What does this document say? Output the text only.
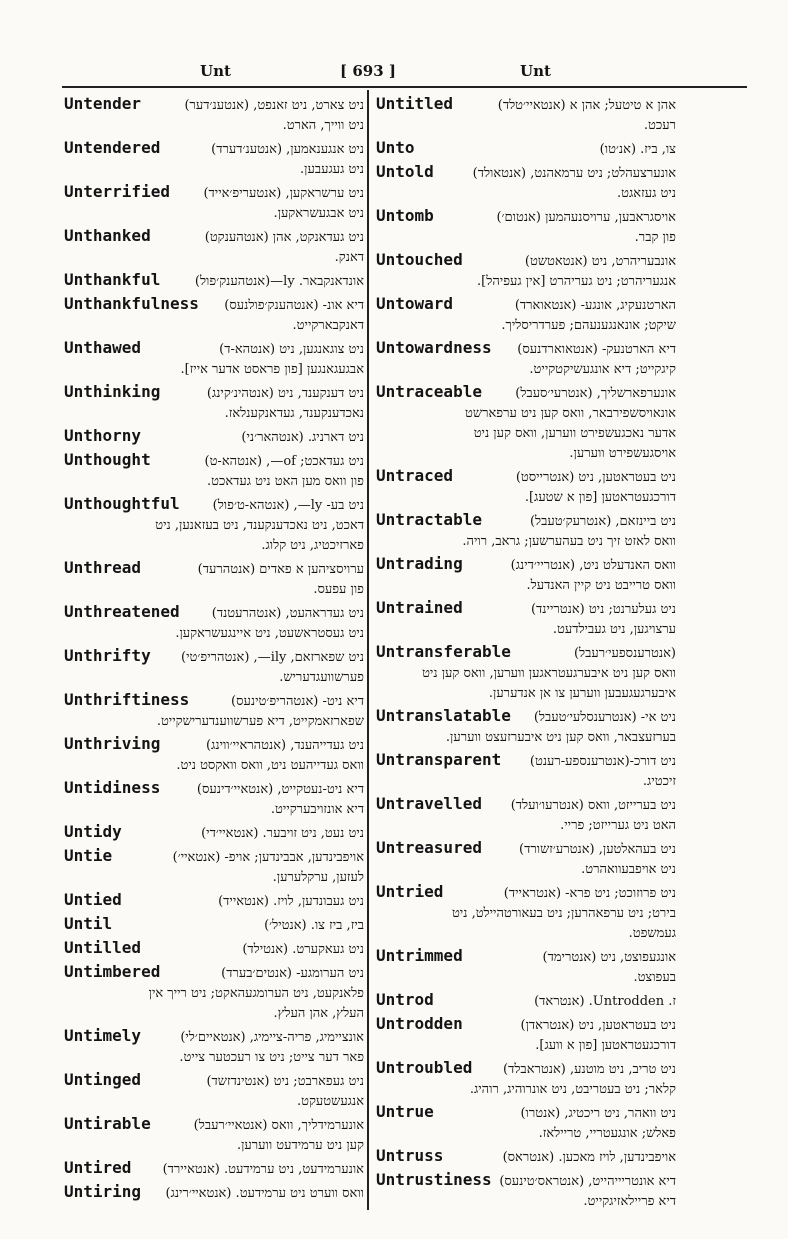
Unt	[ 693 ]	Unt
Untender	ניט צארט, ניט זאנפט, (אנטענ׳דער)
ניט ווייך, הארט.
Untendered	ניט אנגענאמען, (אנטענ׳דערד)
ניט געגעבען.
Unterrified	ניט ערשראקען, (אנטעריפ׳אייד)
ניט אבגעשראקען.
Unthanked	ניט געדאנקט, אהן (אנטהענקט)
דאנק.
Unthankful	אונדאנקבאר. ly—(אנטהענק׳פול)
Unthankfulness	דיא אונ- (אנטהענק׳פולנעס)
דאנקבארקייט.
Unthawed	ניט צוגאנגען, ניט (אנטהא-ד)
אבגעגאנגען [פון פראסט אדער אייז].
Unthinking	ניט דענקענד, ניט (אנטהינ׳קינג)
נאכדענקענד, געדאנקענלאז.
Unthorny	ניט דארניג. (אנטהאר׳ני)
Unthought	ניט געדאכט; of—, (אנטהא-ט)
פון וואס מען האט ניט געדאכט.
Unthoughtful	ניט בע- ly—, (אנטהא-ט׳פול)
דאכט, ניט נאכדענקענד, ניט בעזאנען, ניט
פארזיכטיג, ניט קלוג.
Unthread	ערויסציהען א פאדים (אנטהרעד)
פון עפעס.
Unthreatened	ניט געדראהעט, (אנטהרעטנד)
ניט געסטראשעט, ניט איינגעשראקען.
Unthrifty	ניט שפארזאם, ily—, (אנטהריפ׳טי)
פערשוועגדעריש.
Unthriftiness	דיא ניט- (אנטהריפ׳טינעס)
שפארזאמקייט, דיא פערשווענדערישקייט.
Unthriving	ניט געדייהענד, (אנטהראיי׳ווינג)
וואס געדייהעט ניט, וואס וואקסט ניט.
Untidiness	דיא ניט-נעטקייט, (אנטאיי׳דינעס)
דיא אונזויבערקייט.
Untidy	ניט נעט, ניט זויבער. (אנטאיי׳די)
Untie	אויפבינדען, אבבינדען; אויפ- (אנטאיי׳)
לעזען, ערקלערען.
Untied	ניט געבונדען, לויז. (אנטאייד)
Until	ביז, ביז צו. (אנטיל׳)
Untilled	ניט געאקערט. (אנטילד)
Untimbered	ניט הערומגע- (אנטים׳בערד)
פלאנקעט, ניט הערומגעהאקט; ניט רייך אין
העלץ, אהן העלץ.
Untimely	אונציימיג, פריה-ציימיג, (אנטאיים׳לי)
פאר דער צייט; ניט צו רעכטער צייט.
Untinged	ניט געפארבט; ניט (אנטינדזשד)
אנגעשטעקט.
Untirable	אונערמידליך, וואס (אנטאיי׳רעבל)
קען ניט ערמידעט ווערען.
Untired	אונערמידעט, ניט ערמידעט. (אנטאיירד)
Untiring	וואס ווערט ניט ערמידעט. (אנטאיי׳רינג)
Untitled	אהן א טיטעל; אהן א (אנטאיי׳טלד)
רעכט.
Unto	צו, ביז. (אנ׳טו)
Untold	אונערצעהלט; ניט ערמאהנט, (אנטאולד)
ניט געזאגט.
Untomb	אויסגראבען, ערויסנעהמען (אנטום׳)
פון קבר.
Untouched	אונבעריהרט, ניט (אנטאטשט)
אנגעריהרט; ניט געריהרט [אין געפיהל].
Untoward	הארטנעקיג, אונגע- (אנטאוארד)
שיקט; אונאנגענעהם; פערדריסליך.
Untowardness	דיא הארטנעק- (אנטאוארדנעס)
קיגקייט; דיא אונגעשיקטקייט.
Untraceable	אונערפארשליך, (אנטרעי׳סעבל)
אונאויסשפירבאר, וואס קען ניט ערפארשט
אדער נאכגעשפירט ווערען, וואס קען ניט
אויסגעשפירט ווערען.
Untraced	ניט בעטראטען, ניט (אנטרייסט)
דורכגעטראטען [פון א שטעג].
Untractable	ניט ביינזאם, (אנטרעק׳טעבל)
וואס לאזט זיך ניט בעהערשען; גראב, רויה.
Untrading	וואס האנדעלט ניט, (אנטריי׳דינג)
וואס טרייבט ניט קיין האנדעל.
Untrained	ניט געלערנט; ניט (אנטריינד)
ערצויגען, ניט געבילדעט.
Untransferable	(אנטרענספעי׳רעבל)
וואס קען ניט איבערגעטראגען ווערען, וואס קען ניט
איבערגעגעבען ווערען צו אן אנדערען.
Untranslatable	ניט אי- (אנטרענסלעי׳טעבל)
בערזעצבאר, וואס קען ניט איבערזעצט ווערען.
Untransparent	ניט דורכ-(אנטרענספע-רענט)
זיכטיג.
Untravelled	ניט בערייזט, וואס (אנטרעו׳ועלד)
האט ניט גערייזט; פריי.
Untreasured	ניט בעהאלטען, (אנטרע׳זשורד)
ניט אויפבעוואהרט.
Untried	ניט פרוזוכט; ניט פרא- (אנטראייד)
בירט; ניט ערפאהרען; ניט בעאורטהיילט, ניט
געמשפט.
Untrimmed	אונגעפוצט, ניט (אנטרימד)
בעפוצט.
Untrod	ז. Untrodden. (אנטראד)
Untrodden	ניט בעטראטען, ניט (אנטראדן)
דורכגעטראטען [פון א וועג].
Untroubled	ניט טריב, ניט מוטנע, (אנטראבלד)
קלאר; ניט בעטריבט, ניט אונרוהיג, רוהיג.
Untrue	ניט וואהר, ניט ריכטיג, (אנטרו)
פאלש; אונגעטריי, טריילאז.
Untruss	אויפבינדען, לויז מאכען. (אנטראס)
Untrustiness דיא אונטריייהייט, (אנטראס׳טינעס)
דיא פריילאזיגקייט.
